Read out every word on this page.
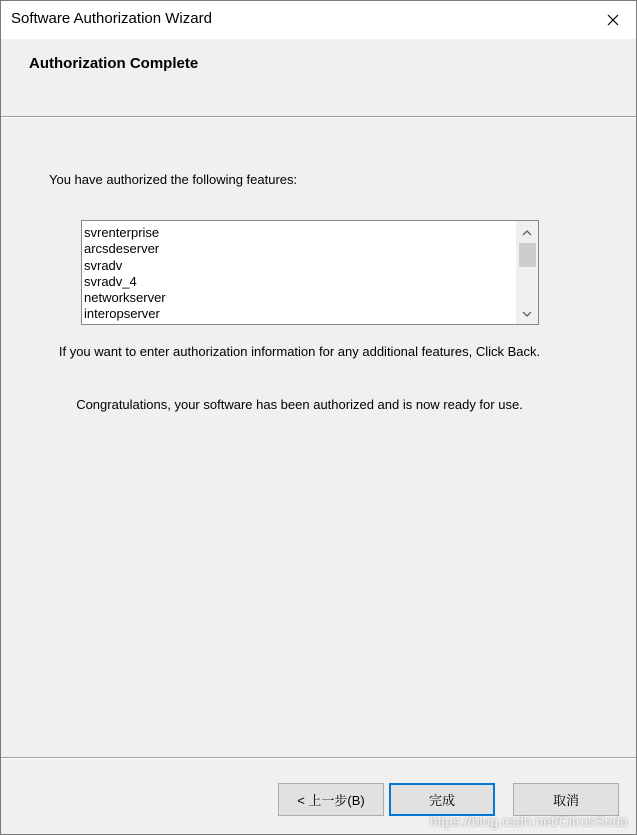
Software Authorization Wizard
Authorization Complete
You have authorized the following features:
svrenterprise
arcsdeserver
svradv
svradv_4
networkserver
interopserver
If you want to enter authorization information for any additional features, Click Back.
Congratulations, your software has been authorized and is now ready for use.
< 上一步(B)	完成	取消
https://blog.csdn.net/CitrusSoda
